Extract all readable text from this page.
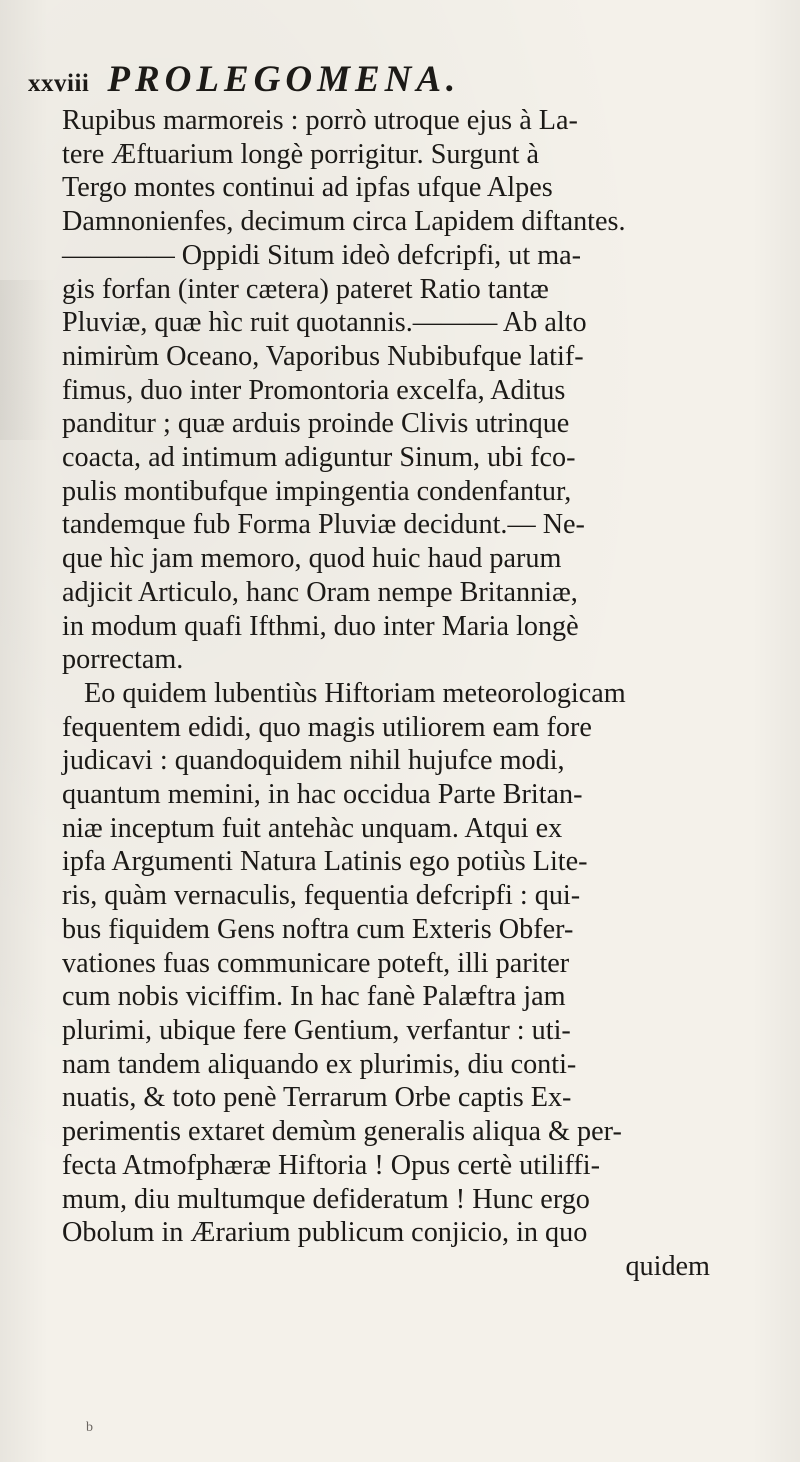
xxviii PROLEGOMENA.
Rupibus marmoreis : porrò utroque ejus à La-
tere Æftuarium longè porrigitur. Surgunt à
Tergo montes continui ad ipfas ufque Alpes
Damnonienfes, decimum circa Lapidem diftantes.
———— Oppidi Situm ideò defcripfi, ut ma-
gis forfan (inter cætera) pateret Ratio tantæ
Pluviæ, quæ hìc ruit quotannis.——— Ab alto
nimirùm Oceano, Vaporibus Nubibufque latif-
fimus, duo inter Promontoria excelfa, Aditus
panditur ; quæ arduis proinde Clivis utrinque
coacta, ad intimum adiguntur Sinum, ubi fco-
pulis montibufque impingentia condenfantur,
tandemque fub Forma Pluviæ decidunt.— Ne-
que hìc jam memoro, quod huic haud parum
adjicit Articulo, hanc Oram nempe Britanniæ,
in modum quafi Ifthmi, duo inter Maria longè
porrectam.
Eo quidem lubentiùs Hiftoriam meteorologicam
fequentem edidi, quo magis utiliorem eam fore
judicavi : quandoquidem nihil hujufce modi,
quantum memini, in hac occidua Parte Britan-
niæ inceptum fuit antehàc unquam. Atqui ex
ipfa Argumenti Natura Latinis ego potiùs Lite-
ris, quàm vernaculis, fequentia defcripfi : qui-
bus fiquidem Gens noftra cum Exteris Obfer-
vationes fuas communicare poteft, illi pariter
cum nobis viciffim. In hac fanè Palæftra jam
plurimi, ubique fere Gentium, verfantur : uti-
nam tandem aliquando ex plurimis, diu conti-
nuatis, & toto penè Terrarum Orbe captis Ex-
perimentis extaret demùm generalis aliqua & per-
fecta Atmofphæræ Hiftoria ! Opus certè utiliffi-
mum, diu multumque defideratum ! Hunc ergo
Obolum in Ærarium publicum conjicio, in quo
quidem
b
